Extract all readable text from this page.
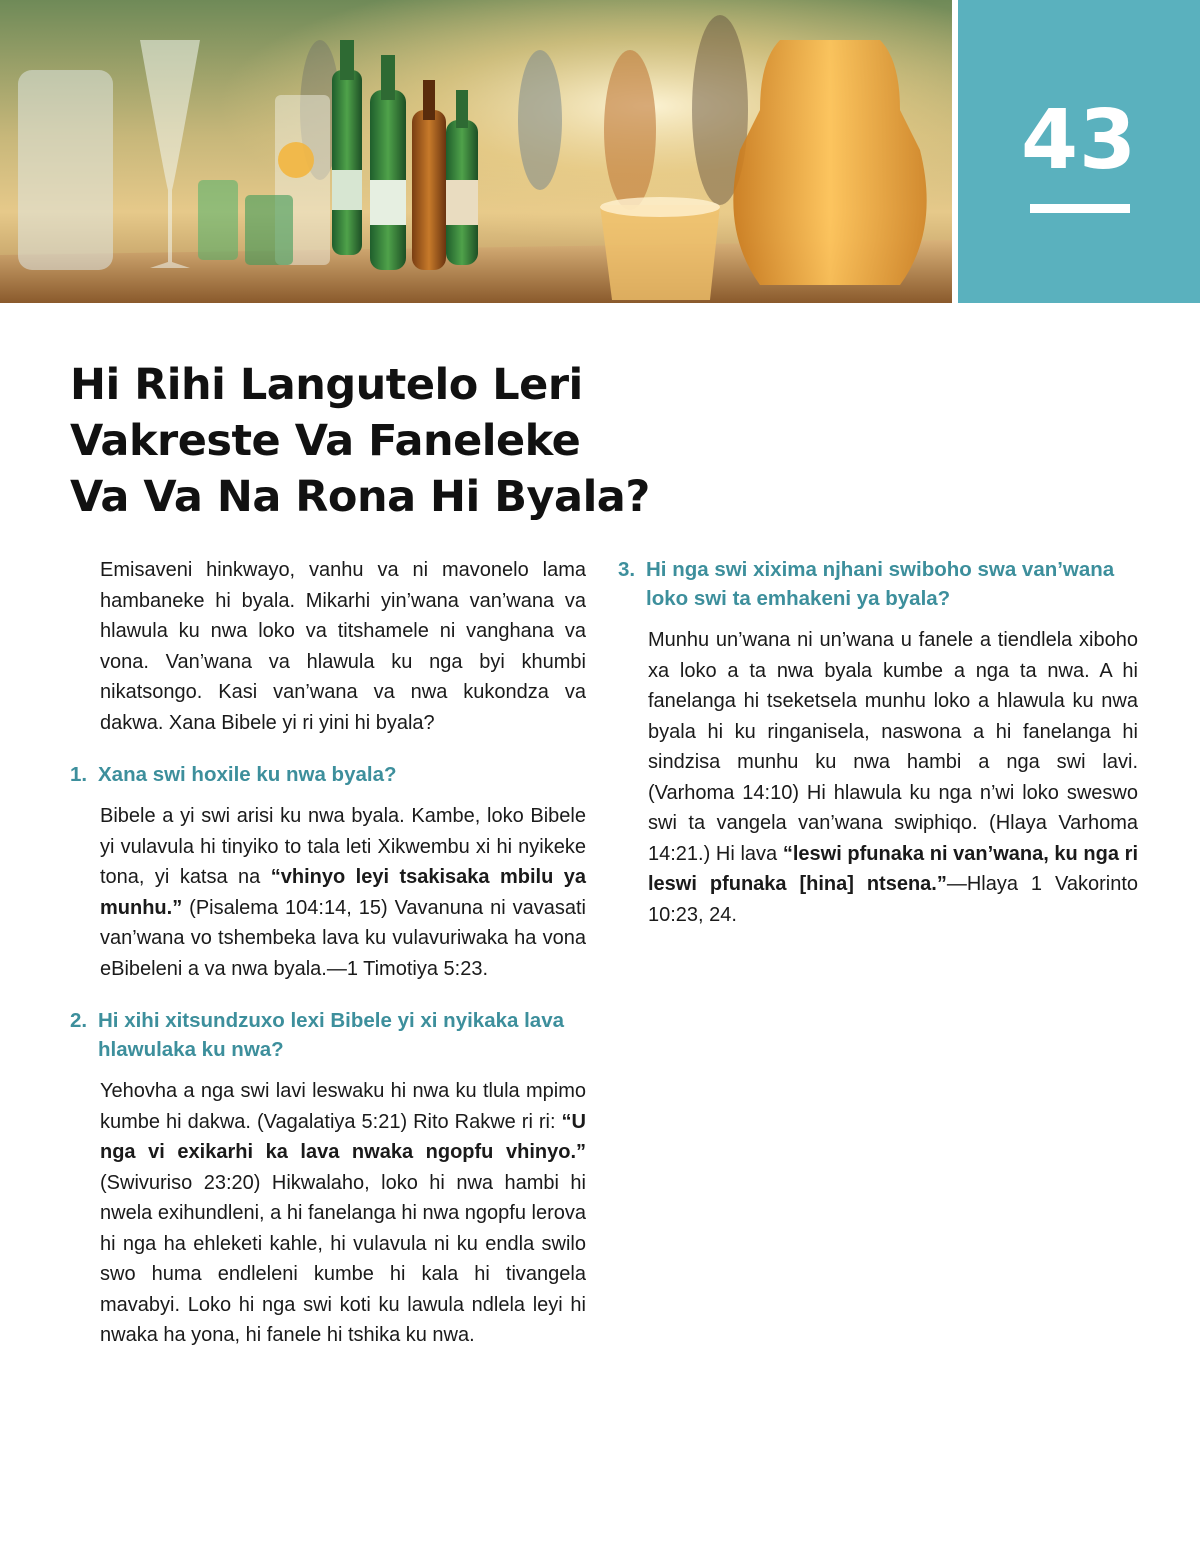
43
Hi Rihi Langutelo Leri
Vakreste Va Faneleke
Va Va Na Rona Hi Byala?

Emisaveni hinkwayo, vanhu va ni mavonelo lama hambaneke hi byala. Mikarhi yin’wana van’wana va hlawula ku nwa loko va titshamele ni vanghana va vona. Van’wana va hlawula ku nga byi khumbi nikatsongo. Kasi van’wana va nwa kukondza va dakwa. Xana Bibele yi ri yini hi byala?

1. Xana swi hoxile ku nwa byala?

Bibele a yi swi arisi ku nwa byala. Kambe, loko Bibele yi vulavula hi tinyiko to tala leti Xikwembu xi hi nyikeke tona, yi katsa na “vhinyo leyi tsakisaka mbilu ya munhu.” (Pisalema 104:14, 15) Vavanuna ni vavasati van’wana vo tshembeka lava ku vulavuriwaka ha vona eBibeleni a va nwa byala.—1 Timotiya 5:23.

2. Hi xihi xitsundzuxo lexi Bibele yi xi nyikaka lava hlawulaka ku nwa?

Yehovha a nga swi lavi leswaku hi nwa ku tlula mpimo kumbe hi dakwa. (Vagalatiya 5:21) Rito Rakwe ri ri: “U nga vi exikarhi ka lava nwaka ngopfu vhinyo.” (Swivuriso 23:20) Hikwalaho, loko hi nwa hambi hi nwela exihundleni, a hi fanelanga hi nwa ngopfu lerova hi nga ha ehleketi kahle, hi vulavula ni ku endla swilo swo huma endleleni kumbe hi kala hi tivangela mavabyi. Loko hi nga swi koti ku lawula ndlela leyi hi nwaka ha yona, hi fanele hi tshika ku nwa.

3. Hi nga swi xixima njhani swiboho swa van’wana loko swi ta emhakeni ya byala?

Munhu un’wana ni un’wana u fanele a tiendlela xiboho xa loko a ta nwa byala kumbe a nga ta nwa. A hi fanelanga hi tseketsela munhu loko a hlawula ku nwa byala hi ku ringanisela, naswona a hi fanelanga hi sindzisa munhu ku nwa hambi a nga swi lavi. (Varhoma 14:10) Hi hlawula ku nga n’wi loko sweswo swi ta vangela van’wana swiphiqo. (Hlaya Varhoma 14:21.) Hi lava “leswi pfunaka ni van’wana, ku nga ri leswi pfunaka [hina] ntsena.”—Hlaya 1 Vakorinto 10:23, 24.
